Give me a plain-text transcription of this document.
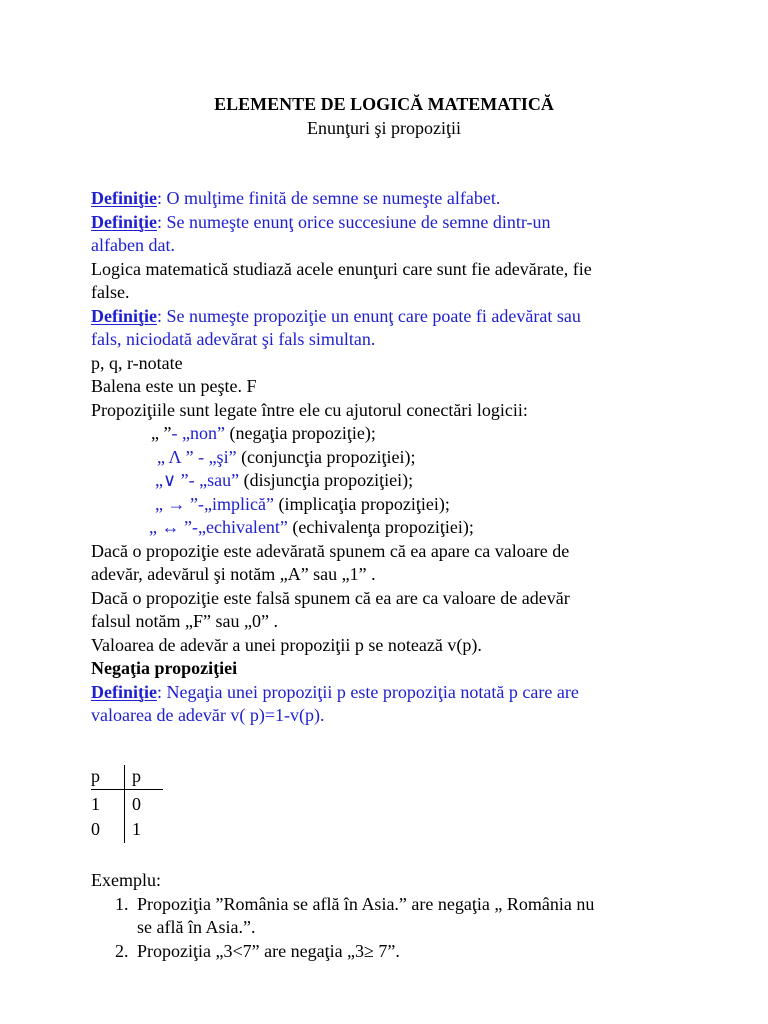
ELEMENTE DE LOGICĂ MATEMATICĂ
Enunţuri şi propoziţii
Definiţie: O mulţime finită de semne se numeşte alfabet.
Definiţie: Se numeşte enunţ orice succesiune de semne dintr-un
alfaben dat.
Logica matematică studiază acele enunţuri care sunt fie adevărate, fie
false.
Definiţie: Se numeşte propoziţie un enunţ care poate fi adevărat sau
fals, niciodată adevărat şi fals simultan.
p, q, r-notate
Balena este un peşte. F
Propoziţiile sunt legate între ele cu ajutorul conectări logicii:
„ ”- „non” (negaţia propoziţie);
„ Λ ” - „şi” (conjuncţia propoziţiei);
„∨ ”- „sau” (disjuncţia propoziţiei);
„ → ”-„implică” (implicaţia propoziţiei);
„ ↔ ”-„echivalent” (echivalenţa propoziţiei);
Dacă o propoziţie este adevărată spunem că ea apare ca valoare de
adevăr, adevărul şi notăm „A” sau „1” .
Dacă o propoziţie este falsă spunem că ea are ca valoare de adevăr
falsul notăm „F” sau „0” .
Valoarea de adevăr a unei propoziţii p se notează v(p).
Negaţia propoziţiei
Definiţie: Negaţia unei propoziţii p este propoziţia notată p care are
valoarea de adevăr v( p)=1-v(p).
p p
1 0
0 1
Exemplu:
1. Propoziţia ”România se află în Asia.” are negaţia „ România nu
se află în Asia.”.
2. Propoziţia „3<7” are negaţia „3≥ 7”.
